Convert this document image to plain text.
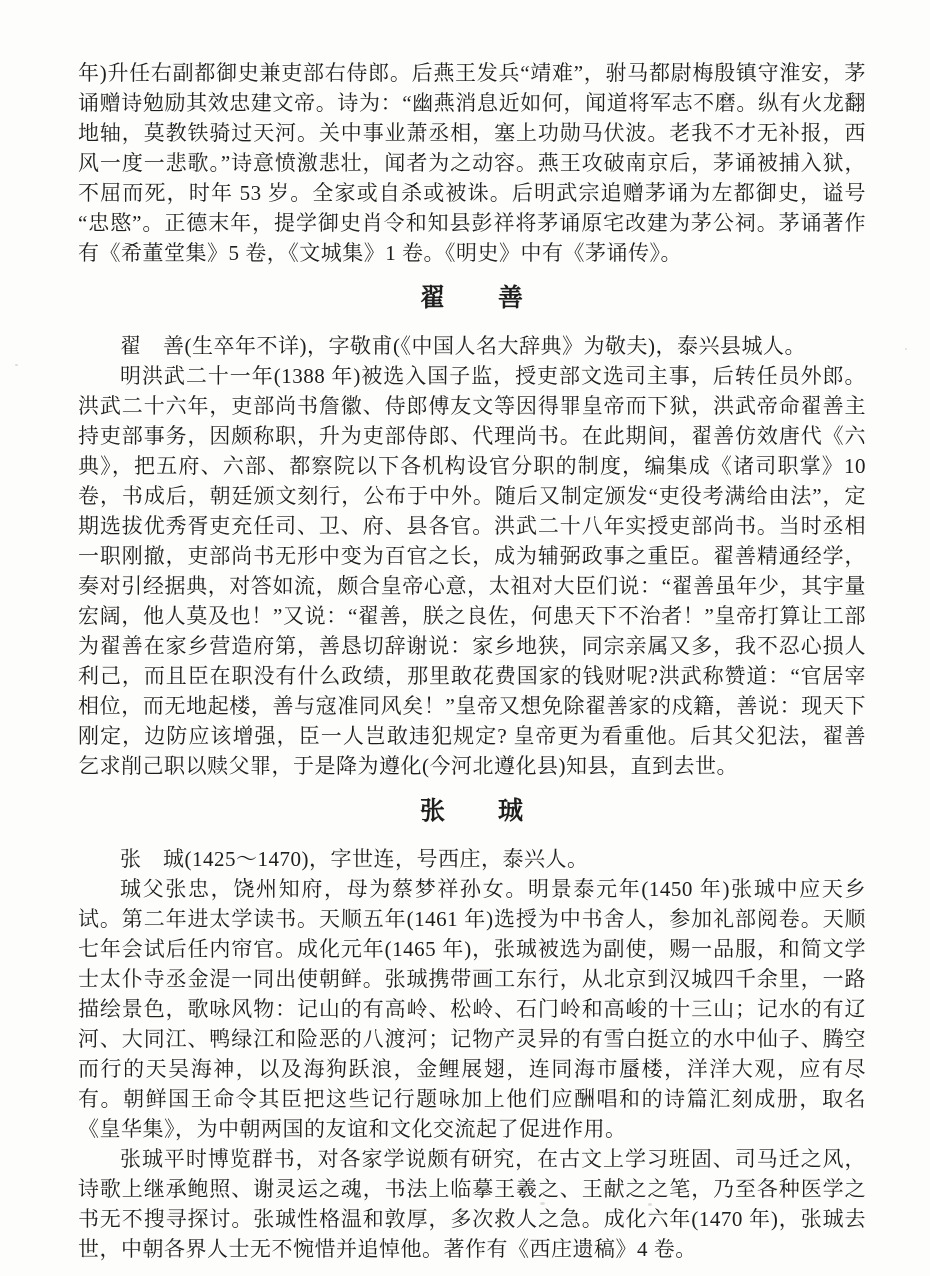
年)升任右副都御史兼吏部右侍郎。后燕王发兵“靖难”，驸马都尉梅殷镇守淮安，茅诵赠诗勉励其效忠建文帝。诗为：“幽燕消息近如何，闻道将军志不磨。纵有火龙翻地轴，莫教铁骑过天河。关中事业萧丞相，塞上功勋马伏波。老我不才无补报，西风一度一悲歌。”诗意愤激悲壮，闻者为之动容。燕王攻破南京后，茅诵被捕入狱，不屈而死，时年 53 岁。全家或自杀或被诛。后明武宗追赠茅诵为左都御史，谥号“忠愍”。正德末年，提学御史肖令和知县彭祥将茅诵原宅改建为茅公祠。茅诵著作有《希董堂集》5 卷，《文城集》1 卷。《明史》中有《茅诵传》。

翟　　善

翟　善(生卒年不详)，字敬甫(《中国人名大辞典》为敬夫)，泰兴县城人。

明洪武二十一年(1388 年)被选入国子监，授吏部文选司主事，后转任员外郎。洪武二十六年，吏部尚书詹徽、侍郎傅友文等因得罪皇帝而下狱，洪武帝命翟善主持吏部事务，因颇称职，升为吏部侍郎、代理尚书。在此期间，翟善仿效唐代《六典》，把五府、六部、都察院以下各机构设官分职的制度，编集成《诸司职掌》10 卷，书成后，朝廷颁文刻行，公布于中外。随后又制定颁发“吏役考满给由法”，定期选拔优秀胥吏充任司、卫、府、县各官。洪武二十八年实授吏部尚书。当时丞相一职刚撤，吏部尚书无形中变为百官之长，成为辅弼政事之重臣。翟善精通经学，奏对引经据典，对答如流，颇合皇帝心意，太祖对大臣们说：“翟善虽年少，其宇量宏阔，他人莫及也！”又说：“翟善，朕之良佐，何患天下不治者！”皇帝打算让工部为翟善在家乡营造府第，善恳切辞谢说：家乡地狭，同宗亲属又多，我不忍心损人利己，而且臣在职没有什么政绩，那里敢花费国家的钱财呢?洪武称赞道：“官居宰相位，而无地起楼，善与寇准同风矣！”皇帝又想免除翟善家的戍籍，善说：现天下刚定，边防应该增强，臣一人岂敢违犯规定? 皇帝更为看重他。后其父犯法，翟善乞求削己职以赎父罪，于是降为遵化(今河北遵化县)知县，直到去世。

张　　珹

张　珹(1425～1470)，字世连，号西庄，泰兴人。

珹父张忠，饶州知府，母为蔡梦祥孙女。明景泰元年(1450 年)张珹中应天乡试。第二年进太学读书。天顺五年(1461 年)选授为中书舍人，参加礼部阅卷。天顺七年会试后任内帘官。成化元年(1465 年)，张珹被选为副使，赐一品服，和简文学士太仆寺丞金湜一同出使朝鲜。张珹携带画工东行，从北京到汉城四千余里，一路描绘景色，歌咏风物：记山的有高岭、松岭、石门岭和高峻的十三山；记水的有辽河、大同江、鸭绿江和险恶的八渡河；记物产灵异的有雪白挺立的水中仙子、腾空而行的天吴海神，以及海狗跃浪，金鲤展翅，连同海市蜃楼，洋洋大观，应有尽有。朝鲜国王命令其臣把这些记行题咏加上他们应酬唱和的诗篇汇刻成册，取名《皇华集》，为中朝两国的友谊和文化交流起了促进作用。

张珹平时博览群书，对各家学说颇有研究，在古文上学习班固、司马迁之风，诗歌上继承鲍照、谢灵运之魂，书法上临摹王羲之、王献之之笔，乃至各种医学之书无不搜寻探讨。张珹性格温和敦厚，多次救人之急。成化六年(1470 年)，张珹去世，中朝各界人士无不惋惜并追悼他。著作有《西庄遗稿》4 卷。
